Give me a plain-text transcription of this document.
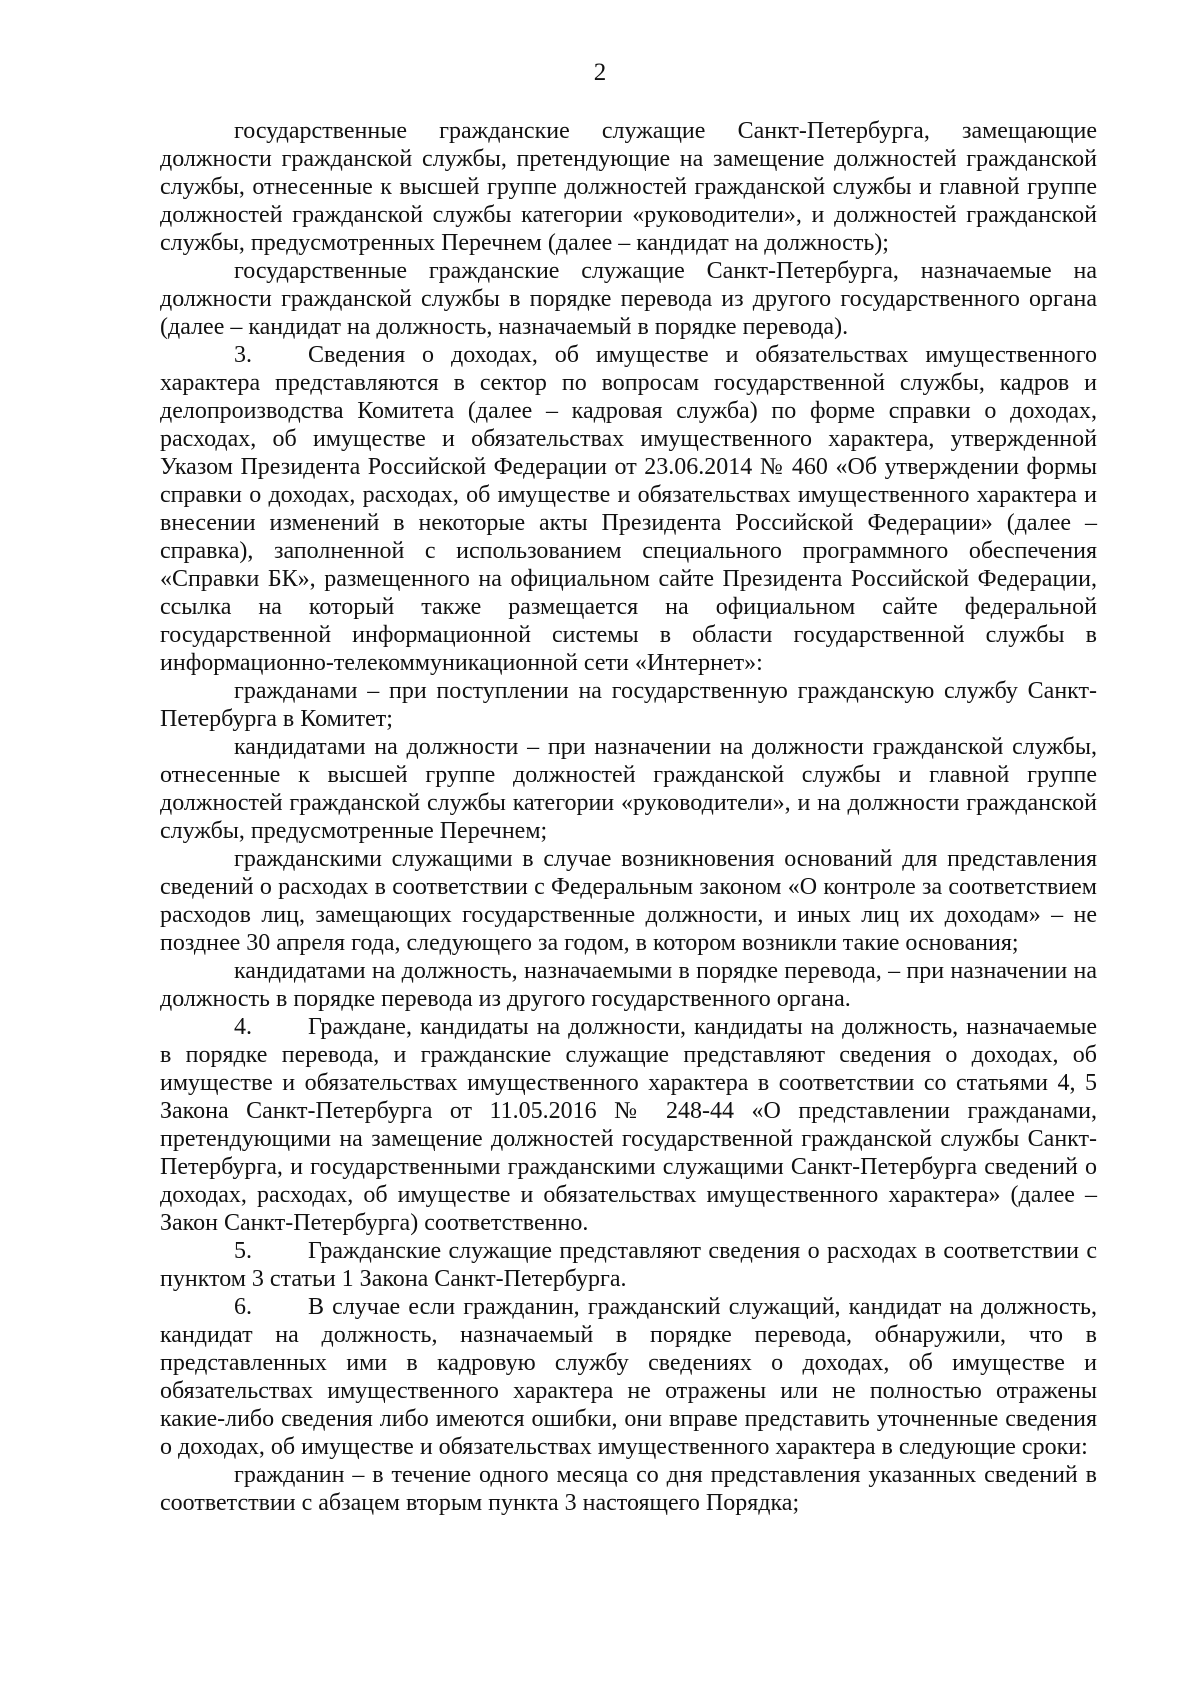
2

государственные гражданские служащие Санкт-Петербурга, замещающие должности гражданской службы, претендующие на замещение должностей гражданской службы, отнесенные к высшей группе должностей гражданской службы и главной группе должностей гражданской службы категории «руководители», и должностей гражданской службы, предусмотренных Перечнем (далее – кандидат на должность);

государственные гражданские служащие Санкт-Петербурга, назначаемые на должности гражданской службы в порядке перевода из другого государственного органа (далее – кандидат на должность, назначаемый в порядке перевода).

3. Сведения о доходах, об имуществе и обязательствах имущественного характера представляются в сектор по вопросам государственной службы, кадров и делопроизводства Комитета (далее – кадровая служба) по форме справки о доходах, расходах, об имуществе и обязательствах имущественного характера, утвержденной Указом Президента Российской Федерации от 23.06.2014 № 460 «Об утверждении формы справки о доходах, расходах, об имуществе и обязательствах имущественного характера и внесении изменений в некоторые акты Президента Российской Федерации» (далее – справка), заполненной с использованием специального программного обеспечения «Справки БК», размещенного на официальном сайте Президента Российской Федерации, ссылка на который также размещается на официальном сайте федеральной государственной информационной системы в области государственной службы в информационно-телекоммуникационной сети «Интернет»:

гражданами – при поступлении на государственную гражданскую службу Санкт-Петербурга в Комитет;

кандидатами на должности – при назначении на должности гражданской службы, отнесенные к высшей группе должностей гражданской службы и главной группе должностей гражданской службы категории «руководители», и на должности гражданской службы, предусмотренные Перечнем;

гражданскими служащими в случае возникновения оснований для представления сведений о расходах в соответствии с Федеральным законом «О контроле за соответствием расходов лиц, замещающих государственные должности, и иных лиц их доходам» – не позднее 30 апреля года, следующего за годом, в котором возникли такие основания;

кандидатами на должность, назначаемыми в порядке перевода, – при назначении на должность в порядке перевода из другого государственного органа.

4. Граждане, кандидаты на должности, кандидаты на должность, назначаемые в порядке перевода, и гражданские служащие представляют сведения о доходах, об имуществе и обязательствах имущественного характера в соответствии со статьями 4, 5 Закона Санкт-Петербурга от 11.05.2016 № 248-44 «О представлении гражданами, претендующими на замещение должностей государственной гражданской службы Санкт-Петербурга, и государственными гражданскими служащими Санкт-Петербурга сведений о доходах, расходах, об имуществе и обязательствах имущественного характера» (далее – Закон Санкт-Петербурга) соответственно.

5. Гражданские служащие представляют сведения о расходах в соответствии с пунктом 3 статьи 1 Закона Санкт-Петербурга.

6. В случае если гражданин, гражданский служащий, кандидат на должность, кандидат на должность, назначаемый в порядке перевода, обнаружили, что в представленных ими в кадровую службу сведениях о доходах, об имуществе и обязательствах имущественного характера не отражены или не полностью отражены какие-либо сведения либо имеются ошибки, они вправе представить уточненные сведения о доходах, об имуществе и обязательствах имущественного характера в следующие сроки:

гражданин – в течение одного месяца со дня представления указанных сведений в соответствии с абзацем вторым пункта 3 настоящего Порядка;
